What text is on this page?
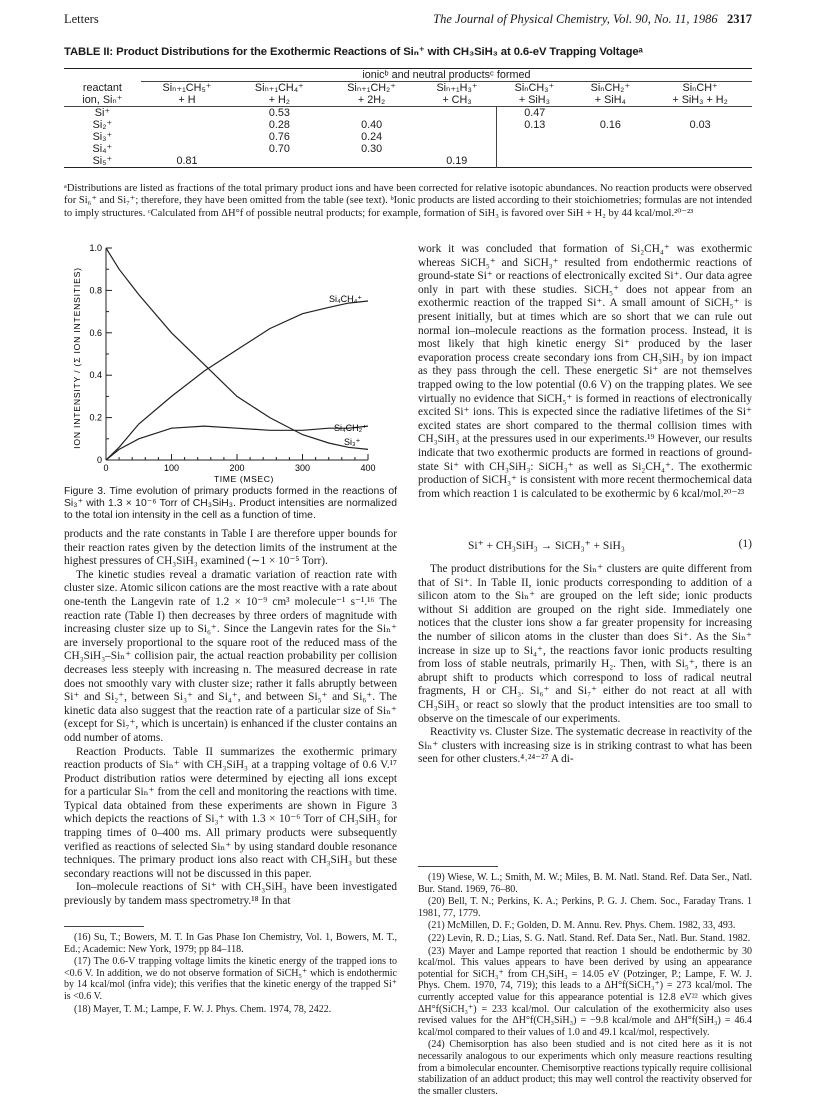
Letters	The Journal of Physical Chemistry, Vol. 90, No. 11, 1986 2317
TABLE II: Product Distributions for the Exothermic Reactions of Siₙ⁺ with CH₃SiH₃ at 0.6-eV Trapping Voltageᵃ

	ionicᵇ and neutral productsᶜ formed						
reactant	Siₙ₊₁CH₅⁺	Siₙ₊₁CH₄⁺	Siₙ₊₁CH₂⁺	Siₙ₊₁H₃⁺	SiₙCH₃⁺	SiₙCH₂⁺	SiₙCH⁺
ion, Siₙ⁺	+ H	+ H₂	+ 2H₂	+ CH₃	+ SiH₃	+ SiH₄	+ SiH₃ + H₂

Si⁺		0.53			0.47		
Si₂⁺		0.28	0.40		0.13	0.16	0.03
Si₃⁺		0.76	0.24				
Si₄⁺		0.70	0.30				
Si₅⁺	0.81			0.19			

ᵃDistributions are listed as fractions of the total primary product ions and have been corrected for relative isotopic abundances. No reaction products were observed for Si₆⁺ and Si₇⁺; therefore, they have been omitted from the table (see text). ᵇIonic products are listed according to their stoichiometries; formulas are not intended to imply structures. ᶜCalculated from ΔH°f of possible neutral products; for example, formation of SiH₃ is favored over SiH + H₂ by 44 kcal/mol.²⁰⁻²³
0
0.2
0.4
0.6
0.8
1.0
0	100	200	300	400
ION INTENSITY / (Σ ION INTENSITIES)
TIME (MSEC)
Si₄CH₄⁺
Si₄CH₂⁺
Si₃⁺
Figure 3. Time evolution of primary products formed in the reactions of Si₃⁺ with 1.3 × 10⁻⁶ Torr of CH₃SiH₃. Product intensities are normalized to the total ion intensity in the cell as a function of time.

products and the rate constants in Table I are therefore upper bounds for their reaction rates given by the detection limits of the instrument at the highest pressures of CH₃SiH₃ examined (∼1 × 10⁻⁵ Torr).

The kinetic studies reveal a dramatic variation of reaction rate with cluster size. Atomic silicon cations are the most reactive with a rate about one-tenth the Langevin rate of 1.2 × 10⁻⁹ cm³ molecule⁻¹ s⁻¹.¹⁶ The reaction rate (Table I) then decreases by three orders of magnitude with increasing cluster size up to Si₆⁺. Since the Langevin rates for the Siₙ⁺ are inversely proportional to the square root of the reduced mass of the CH₃SiH₃–Siₙ⁺ collision pair, the actual reaction probability per collision decreases less steeply with increasing n. The measured decrease in rate does not smoothly vary with cluster size; rather it falls abruptly between Si⁺ and Si₂⁺, between Si₃⁺ and Si₄⁺, and between Si₅⁺ and Si₆⁺. The kinetic data also suggest that the reaction rate of a particular size of Siₙ⁺ (except for Si₇⁺, which is uncertain) is enhanced if the cluster contains an odd number of atoms.

Reaction Products. Table II summarizes the exothermic primary reaction products of Siₙ⁺ with CH₃SiH₃ at a trapping voltage of 0.6 V.¹⁷ Product distribution ratios were determined by ejecting all ions except for a particular Siₙ⁺ from the cell and monitoring the reactions with time. Typical data obtained from these experiments are shown in Figure 3 which depicts the reactions of Si₃⁺ with 1.3 × 10⁻⁶ Torr of CH₃SiH₃ for trapping times of 0–400 ms. All primary products were subsequently verified as reactions of selected Siₙ⁺ by using standard double resonance techniques. The primary product ions also react with CH₃SiH₃ but these secondary reactions will not be discussed in this paper.

Ion–molecule reactions of Si⁺ with CH₃SiH₃ have been investigated previously by tandem mass spectrometry.¹⁸ In that

(16) Su, T.; Bowers, M. T. In Gas Phase Ion Chemistry, Vol. 1, Bowers, M. T., Ed.; Academic: New York, 1979; pp 84–118.

(17) The 0.6-V trapping voltage limits the kinetic energy of the trapped ions to <0.6 V. In addition, we do not observe formation of SiCH₅⁺ which is endothermic by 14 kcal/mol (infra vide); this verifies that the kinetic energy of the trapped Si⁺ is <0.6 V.

(18) Mayer, T. M.; Lampe, F. W. J. Phys. Chem. 1974, 78, 2422.

work it was concluded that formation of Si₂CH₄⁺ was exothermic whereas SiCH₅⁺ and SiCH₃⁺ resulted from endothermic reactions of ground-state Si⁺ or reactions of electronically excited Si⁺. Our data agree only in part with these studies. SiCH₅⁺ does not appear from an exothermic reaction of the trapped Si⁺. A small amount of SiCH₅⁺ is present initially, but at times which are so short that we can rule out normal ion–molecule reactions as the formation process. Instead, it is most likely that high kinetic energy Si⁺ produced by the laser evaporation process create secondary ions from CH₃SiH₃ by ion impact as they pass through the cell. These energetic Si⁺ are not themselves trapped owing to the low potential (0.6 V) on the trapping plates. We see virtually no evidence that SiCH₅⁺ is formed in reactions of electronically excited Si⁺ ions. This is expected since the radiative lifetimes of the Si⁺ excited states are short compared to the thermal collision times with CH₃SiH₃ at the pressures used in our experiments.¹⁹ However, our results indicate that two exothermic products are formed in reactions of ground-state Si⁺ with CH₃SiH₃: SiCH₃⁺ as well as Si₂CH₄⁺. The exothermic production of SiCH₃⁺ is consistent with more recent thermochemical data from which reaction 1 is calculated to be exothermic by 6 kcal/mol.²⁰⁻²³

Si⁺ + CH₃SiH₃ → SiCH₃⁺ + SiH₃	(1)

The product distributions for the Siₙ⁺ clusters are quite different from that of Si⁺. In Table II, ionic products corresponding to addition of a silicon atom to the Siₙ⁺ are grouped on the left side; ionic products without Si addition are grouped on the right side. Immediately one notices that the cluster ions show a far greater propensity for increasing the number of silicon atoms in the cluster than does Si⁺. As the Siₙ⁺ increase in size up to Si₄⁺, the reactions favor ionic products resulting from loss of stable neutrals, primarily H₂. Then, with Si₅⁺, there is an abrupt shift to products which correspond to loss of radical neutral fragments, H or CH₃. Si₆⁺ and Si₇⁺ either do not react at all with CH₃SiH₃ or react so slowly that the product intensities are too small to observe on the timescale of our experiments.

Reactivity vs. Cluster Size. The systematic decrease in reactivity of the Siₙ⁺ clusters with increasing size is in striking contrast to what has been seen for other clusters.⁴˒²⁴⁻²⁷ A di-

(19) Wiese, W. L.; Smith, M. W.; Miles, B. M. Natl. Stand. Ref. Data Ser., Natl. Bur. Stand. 1969, 76–80.

(20) Bell, T. N.; Perkins, K. A.; Perkins, P. G. J. Chem. Soc., Faraday Trans. 1 1981, 77, 1779.

(21) McMillen, D. F.; Golden, D. M. Annu. Rev. Phys. Chem. 1982, 33, 493.

(22) Levin, R. D.; Lias, S. G. Natl. Stand. Ref. Data Ser., Natl. Bur. Stand. 1982.

(23) Mayer and Lampe reported that reaction 1 should be endothermic by 30 kcal/mol. This values appears to have been derived by using an appearance potential for SiCH₃⁺ from CH₃SiH₃ = 14.05 eV (Potzinger, P.; Lampe, F. W. J. Phys. Chem. 1970, 74, 719); this leads to a ΔH°f(SiCH₃⁺) = 273 kcal/mol. The currently accepted value for this appearance potential is 12.8 eV²² which gives ΔH°f(SiCH₃⁺) = 233 kcal/mol. Our calculation of the exothermicity also uses revised values for the ΔH°f(CH₃SiH₃) = −9.8 kcal/mole and ΔH°f(SiH₃) = 46.4 kcal/mol compared to their values of 1.0 and 49.1 kcal/mol, respectively.

(24) Chemisorption has also been studied and is not cited here as it is not necessarily analogous to our experiments which only measure reactions resulting from a bimolecular encounter. Chemisorptive reactions typically require collisional stabilization of an adduct product; this may well control the reactivity observed for the smaller clusters.
